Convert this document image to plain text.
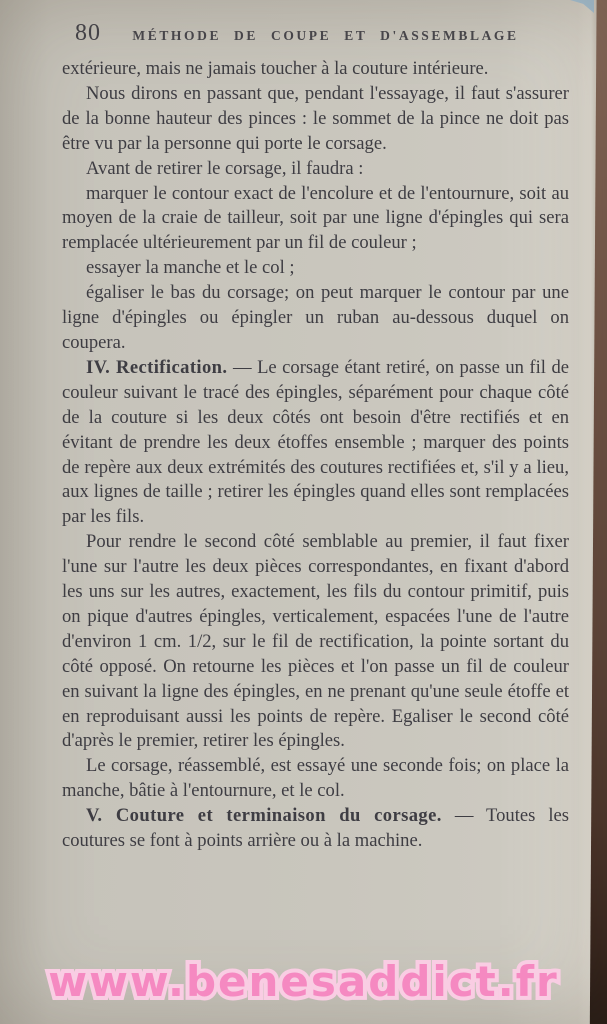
80	MÉTHODE DE COUPE ET D'ASSEMBLAGE

extérieure, mais ne jamais toucher à la couture intérieure.

Nous dirons en passant que, pendant l'essayage, il faut s'assurer de la bonne hauteur des pinces : le sommet de la pince ne doit pas être vu par la personne qui porte le corsage.

Avant de retirer le corsage, il faudra :

marquer le contour exact de l'encolure et de l'entournure, soit au moyen de la craie de tailleur, soit par une ligne d'épingles qui sera remplacée ultérieurement par un fil de couleur ;

essayer la manche et le col ;

égaliser le bas du corsage; on peut marquer le contour par une ligne d'épingles ou épingler un ruban au-dessous duquel on coupera.

IV. Rectification. — Le corsage étant retiré, on passe un fil de couleur suivant le tracé des épingles, séparément pour chaque côté de la couture si les deux côtés ont besoin d'être rectifiés et en évitant de prendre les deux étoffes ensemble ; marquer des points de repère aux deux extrémités des coutures rectifiées et, s'il y a lieu, aux lignes de taille ; retirer les épingles quand elles sont remplacées par les fils.

Pour rendre le second côté semblable au premier, il faut fixer l'une sur l'autre les deux pièces correspondantes, en fixant d'abord les uns sur les autres, exactement, les fils du contour primitif, puis on pique d'autres épingles, verticalement, espacées l'une de l'autre d'environ 1 cm. 1/2, sur le fil de rectification, la pointe sortant du côté opposé. On retourne les pièces et l'on passe un fil de couleur en suivant la ligne des épingles, en ne prenant qu'une seule étoffe et en reproduisant aussi les points de repère. Egaliser le second côté d'après le premier, retirer les épingles.

Le corsage, réassemblé, est essayé une seconde fois; on place la manche, bâtie à l'entournure, et le col.

V. Couture et terminaison du corsage. — Toutes les coutures se font à points arrière ou à la machine.

www.benesaddict.fr www.benesaddict.fr
